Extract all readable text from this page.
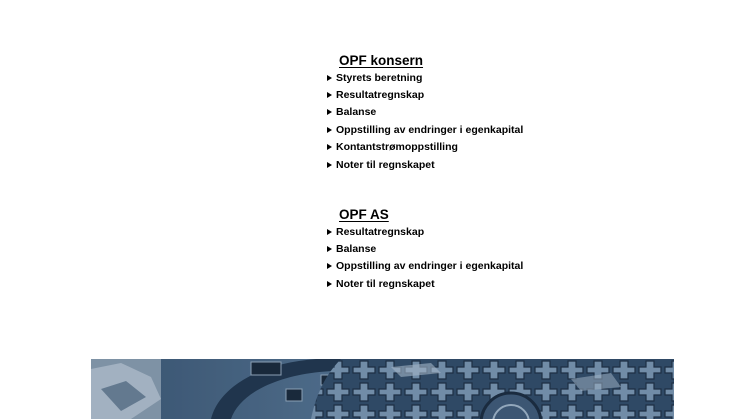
OPF konsern
Styrets beretning
Resultatregnskap
Balanse
Oppstilling av endringer i egenkapital
Kontantstrømoppstilling
Noter til regnskapet
OPF AS
Resultatregnskap
Balanse
Oppstilling av endringer i egenkapital
Noter til regnskapet
